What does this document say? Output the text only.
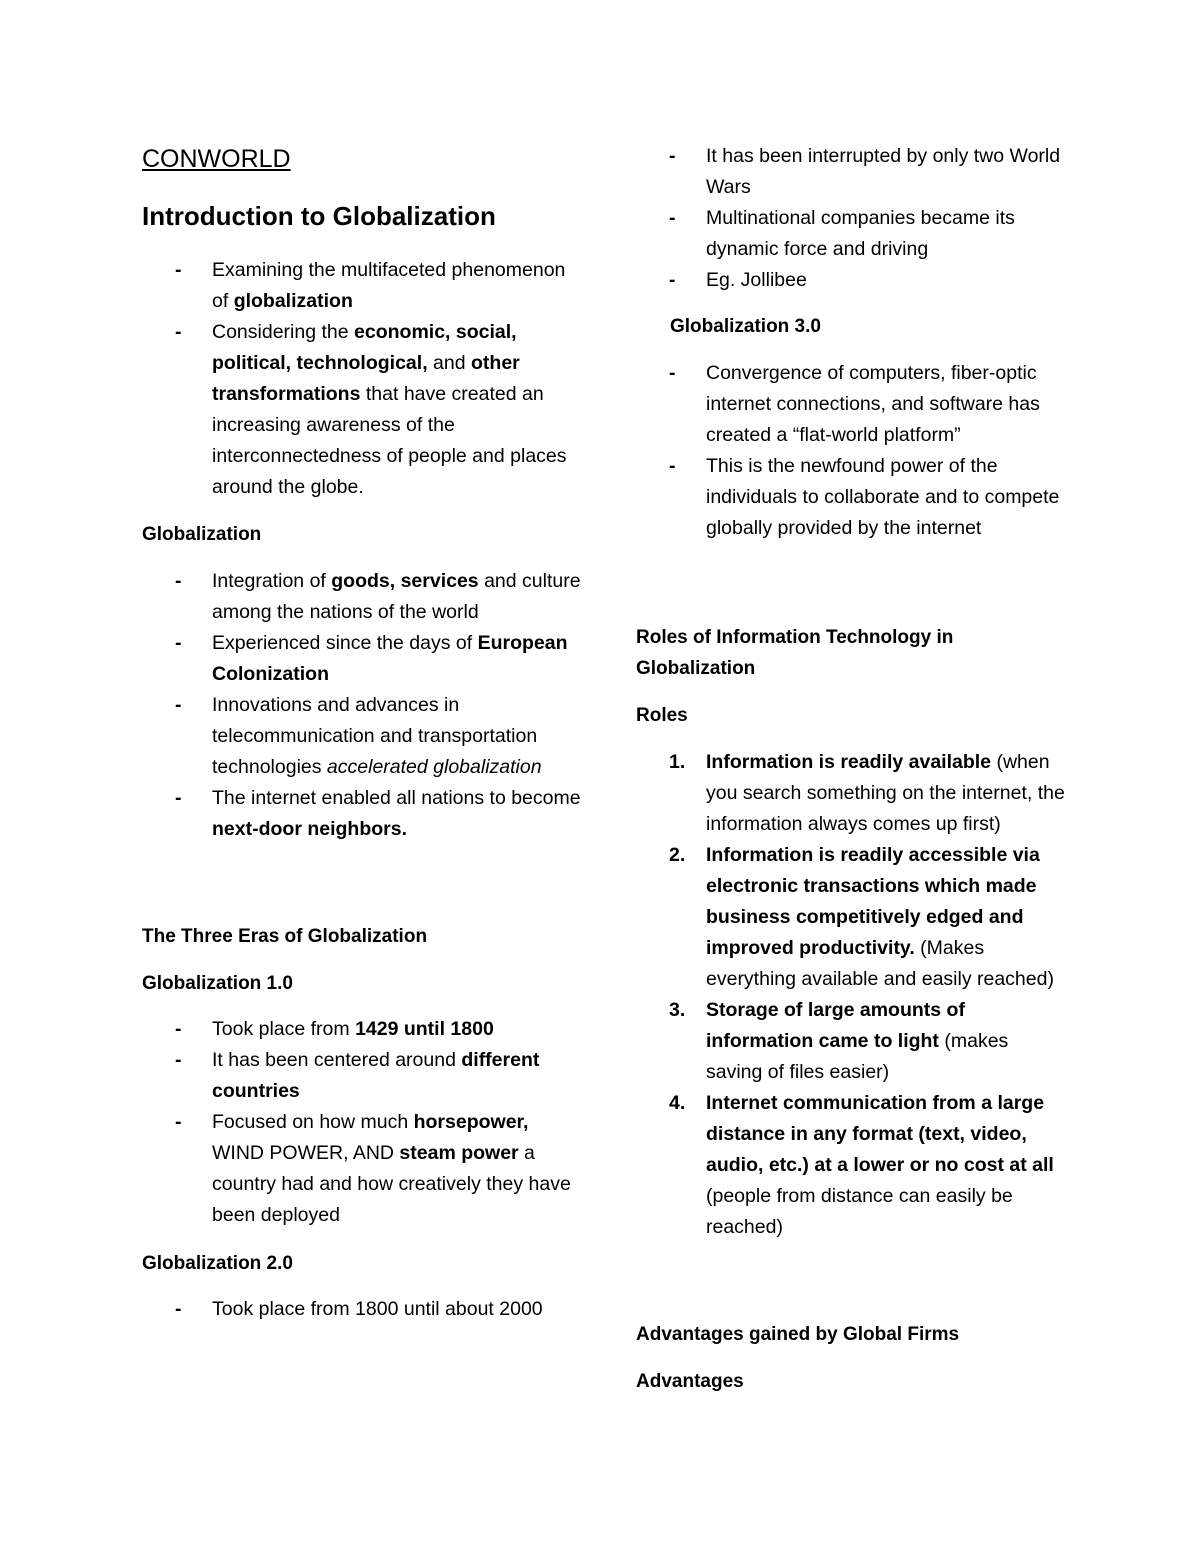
CONWORLD
Introduction to Globalization
- Examining the multifaceted phenomenon of globalization
- Considering the economic, social, political, technological, and other transformations that have created an increasing awareness of the interconnectedness of people and places around the globe.
Globalization
- Integration of goods, services and culture among the nations of the world
- Experienced since the days of European Colonization
- Innovations and advances in telecommunication and transportation technologies accelerated globalization
- The internet enabled all nations to become next-door neighbors.
The Three Eras of Globalization
Globalization 1.0
- Took place from 1429 until 1800
- It has been centered around different countries
- Focused on how much horsepower, WIND POWER, AND steam power a country had and how creatively they have been deployed
Globalization 2.0
- Took place from 1800 until about 2000
- It has been interrupted by only two World Wars
- Multinational companies became its dynamic force and driving
- Eg. Jollibee
Globalization 3.0
- Convergence of computers, fiber-optic internet connections, and software has created a “flat-world platform”
- This is the newfound power of the individuals to collaborate and to compete globally provided by the internet
Roles of Information Technology in Globalization
Roles
1. Information is readily available (when you search something on the internet, the information always comes up first)
2. Information is readily accessible via electronic transactions which made business competitively edged and improved productivity. (Makes everything available and easily reached)
3. Storage of large amounts of information came to light (makes saving of files easier)
4. Internet communication from a large distance in any format (text, video, audio, etc.) at a lower or no cost at all (people from distance can easily be reached)
Advantages gained by Global Firms
Advantages
